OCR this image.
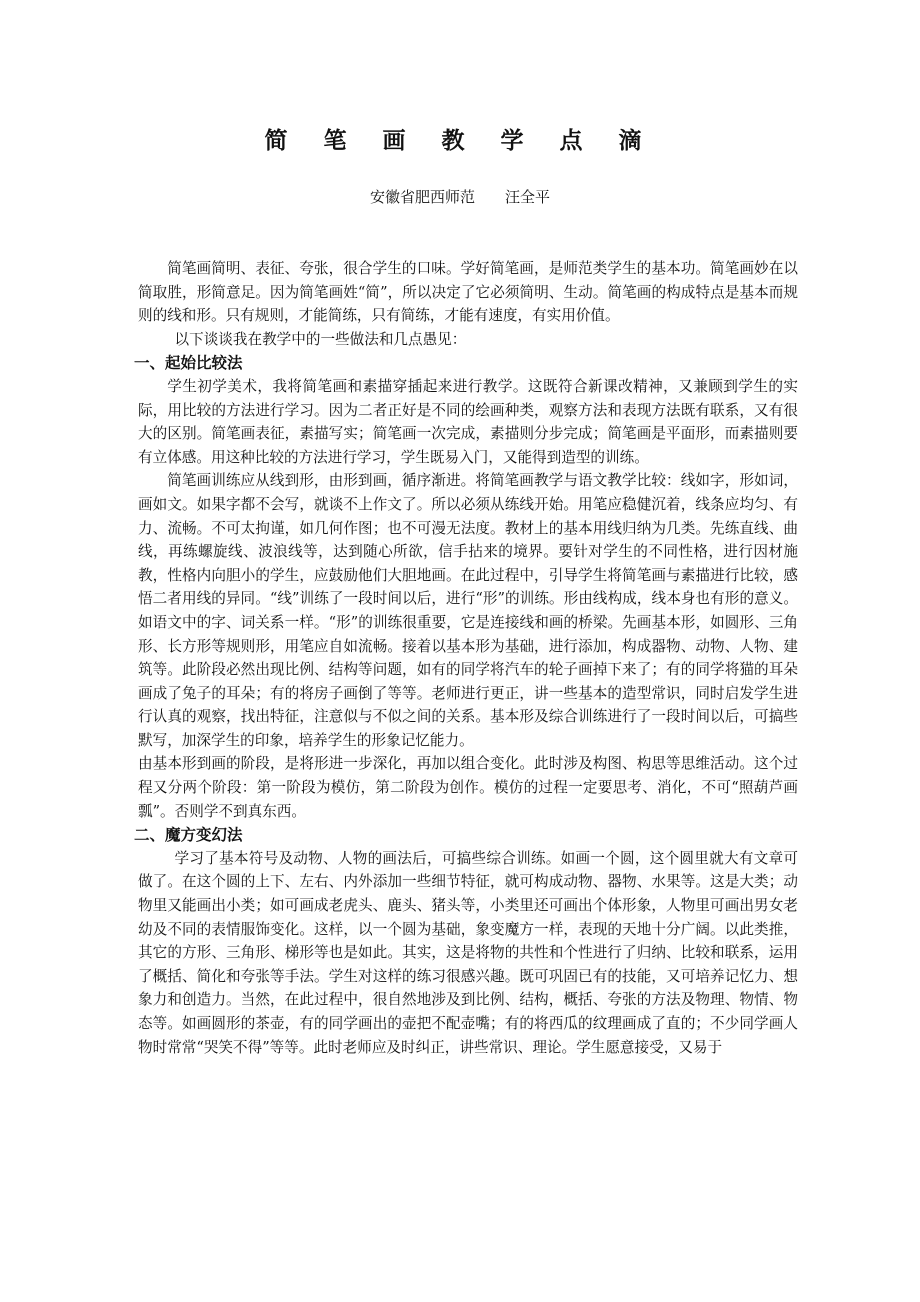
简 笔 画 教 学 点 滴
安徽省肥西师范 汪全平

简笔画简明、表征、夸张，很合学生的口味。学好简笔画，是师范类学生的基本功。简笔画妙在以简取胜，形简意足。因为简笔画姓“简”，所以决定了它必须简明、生动。简笔画的构成特点是基本而规则的线和形。只有规则，才能简练，只有简练，才能有速度，有实用价值。

以下谈谈我在教学中的一些做法和几点愚见：

一、起始比较法

学生初学美术，我将简笔画和素描穿插起来进行教学。这既符合新课改精神，又兼顾到学生的实际，用比较的方法进行学习。因为二者正好是不同的绘画种类，观察方法和表现方法既有联系，又有很大的区别。简笔画表征，素描写实；简笔画一次完成，素描则分步完成；简笔画是平面形，而素描则要有立体感。用这种比较的方法进行学习，学生既易入门，又能得到造型的训练。

简笔画训练应从线到形，由形到画，循序渐进。将简笔画教学与语文教学比较：线如字，形如词，画如文。如果字都不会写，就谈不上作文了。所以必须从练线开始。用笔应稳健沉着，线条应均匀、有力、流畅。不可太拘谨，如几何作图；也不可漫无法度。教材上的基本用线归纳为几类。先练直线、曲线，再练螺旋线、波浪线等，达到随心所欲，信手拈来的境界。要针对学生的不同性格，进行因材施教，性格内向胆小的学生，应鼓励他们大胆地画。在此过程中，引导学生将简笔画与素描进行比较，感悟二者用线的异同。“线”训练了一段时间以后，进行“形”的训练。形由线构成，线本身也有形的意义。如语文中的字、词关系一样。“形”的训练很重要，它是连接线和画的桥梁。先画基本形，如圆形、三角形、长方形等规则形，用笔应自如流畅。接着以基本形为基础，进行添加，构成器物、动物、人物、建筑等。此阶段必然出现比例、结构等问题，如有的同学将汽车的轮子画掉下来了；有的同学将猫的耳朵画成了兔子的耳朵；有的将房子画倒了等等。老师进行更正，讲一些基本的造型常识，同时启发学生进行认真的观察，找出特征，注意似与不似之间的关系。基本形及综合训练进行了一段时间以后，可搞些默写，加深学生的印象，培养学生的形象记忆能力。

由基本形到画的阶段，是将形进一步深化，再加以组合变化。此时涉及构图、构思等思维活动。这个过程又分两个阶段：第一阶段为模仿，第二阶段为创作。模仿的过程一定要思考、消化，不可“照葫芦画瓢”。否则学不到真东西。

二、魔方变幻法

学习了基本符号及动物、人物的画法后，可搞些综合训练。如画一个圆，这个圆里就大有文章可做了。在这个圆的上下、左右、内外添加一些细节特征，就可构成动物、器物、水果等。这是大类；动物里又能画出小类；如可画成老虎头、鹿头、猪头等，小类里还可画出个体形象，人物里可画出男女老幼及不同的表情服饰变化。这样，以一个圆为基础，象变魔方一样，表现的天地十分广阔。以此类推，其它的方形、三角形、梯形等也是如此。其实，这是将物的共性和个性进行了归纳、比较和联系，运用了概括、简化和夸张等手法。学生对这样的练习很感兴趣。既可巩固已有的技能，又可培养记忆力、想象力和创造力。当然，在此过程中，很自然地涉及到比例、结构，概括、夸张的方法及物理、物情、物态等。如画圆形的茶壶，有的同学画出的壶把不配壶嘴；有的将西瓜的纹理画成了直的；不少同学画人物时常常“哭笑不得”等等。此时老师应及时纠正，讲些常识、理论。学生愿意接受，又易于
